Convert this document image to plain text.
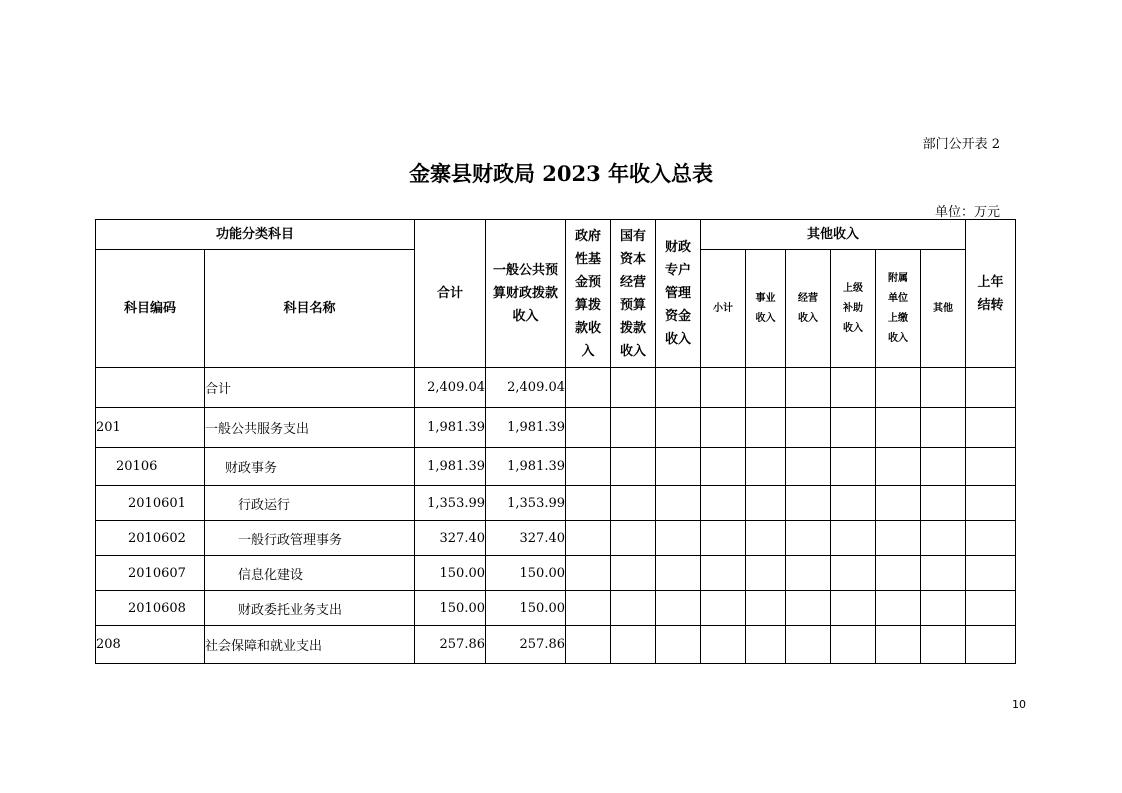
部门公开表 2
金寨县财政局 2023 年收入总表
单位：万元
功能分类科目		合计	一般公共预算财政拨款收入	政府性基金预算拨款收入	国有资本经营预算拨款收入	财政专户管理资金收入	其他收入						上年结转

科目编码	科目名称						小计	事业收入	经营收入	上级补助收入	附属单位上缴收入	其他	
	合计	2,409.04	2,409.04										
201	一般公共服务支出	1,981.39	1,981.39										
20106	财政事务	1,981.39	1,981.39										
2010601	行政运行	1,353.99	1,353.99										
2010602	一般行政管理事务	327.40	327.40										
2010607	信息化建设	150.00	150.00										
2010608	财政委托业务支出	150.00	150.00										
208	社会保障和就业支出	257.86	257.86										
10
